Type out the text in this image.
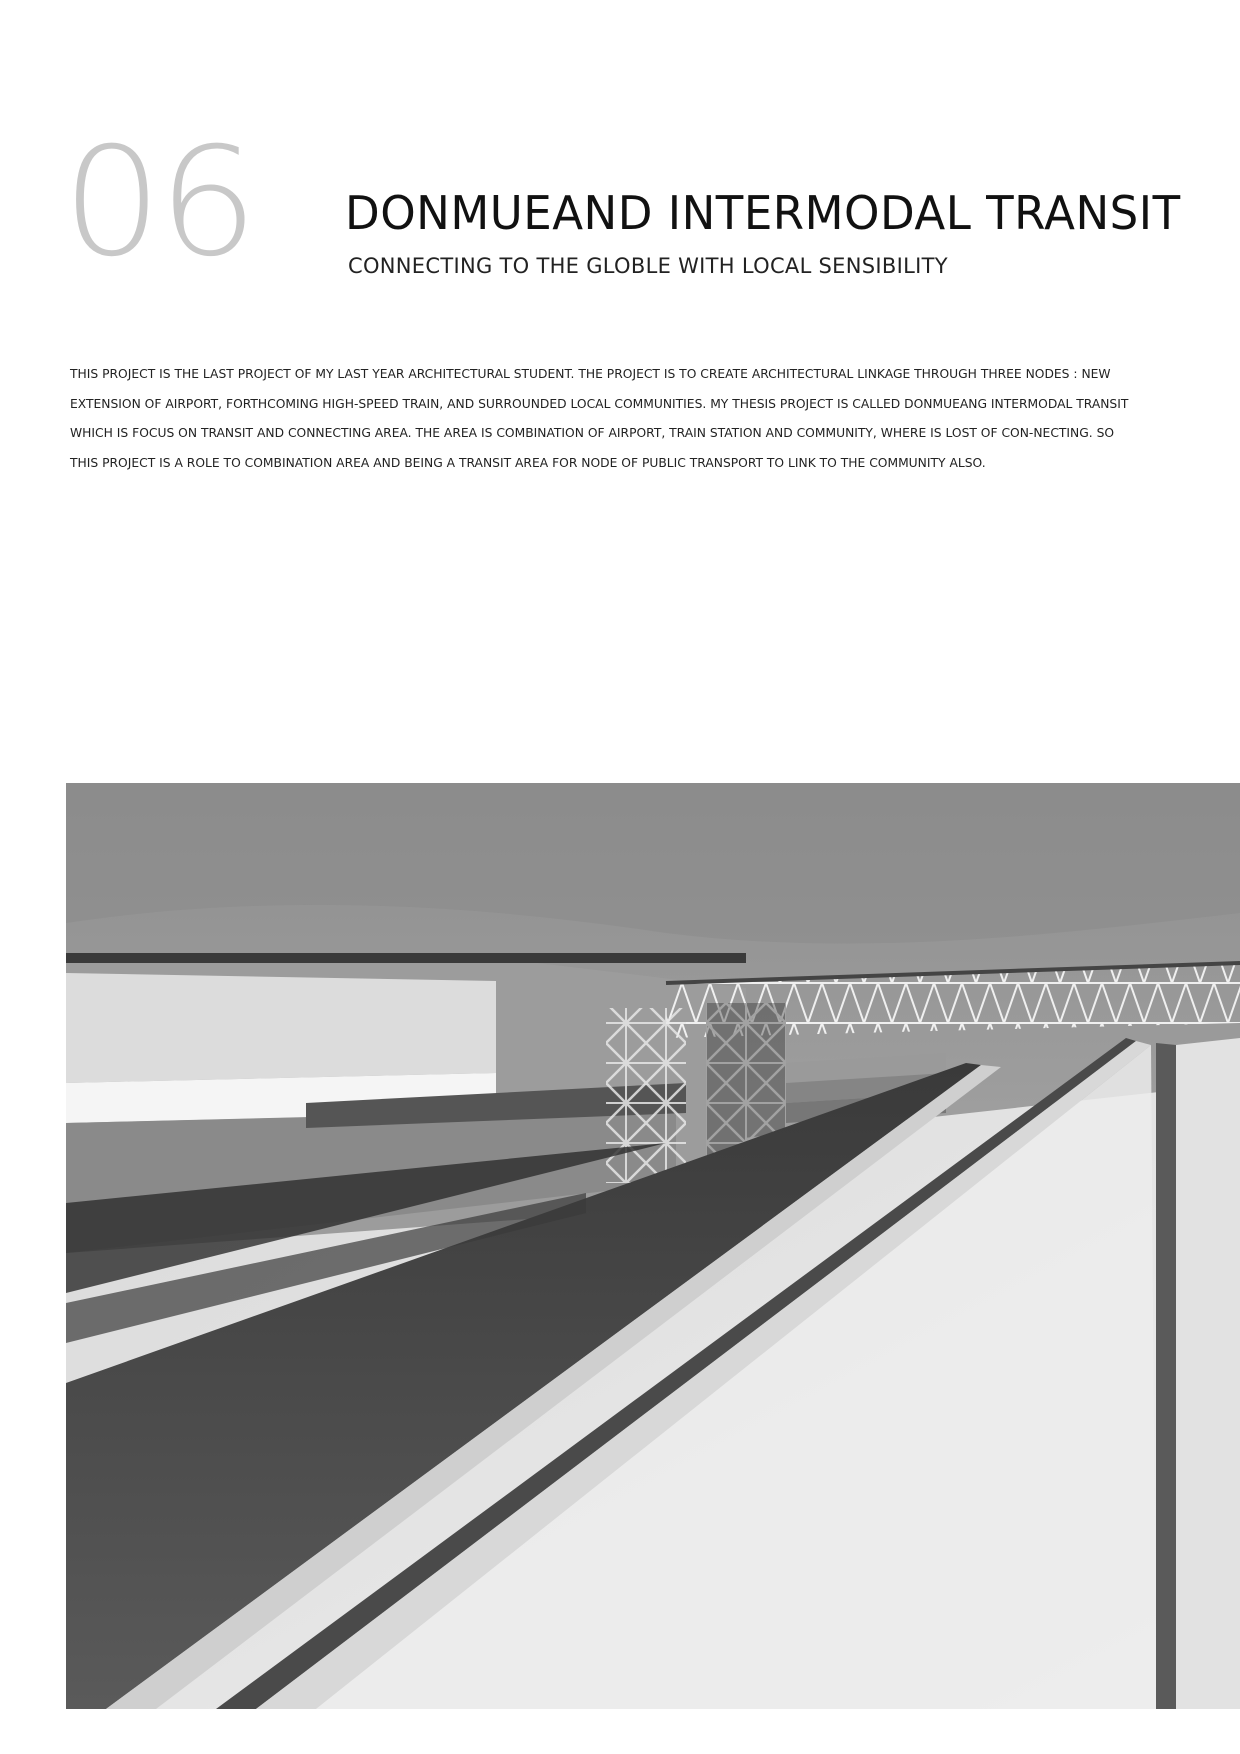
06 DONMUEAND INTERMODAL TRANSIT
CONNECTING TO THE GLOBLE WITH LOCAL SENSIBILITY
THIS PROJECT IS THE LAST PROJECT OF MY LAST YEAR ARCHITECTURAL STUDENT. THE PROJECT IS TO CREATE ARCHITECTURAL LINKAGE THROUGH THREE NODES : NEW EXTENSION OF AIRPORT, FORTHCOMING HIGH-SPEED TRAIN, AND SURROUNDED LOCAL COMMUNITIES. MY THESIS PROJECT IS CALLED DONMUEANG INTERMODAL TRANSIT WHICH IS FOCUS ON TRANSIT AND CONNECTING AREA. THE AREA IS COMBINATION OF AIRPORT, TRAIN STATION AND COMMUNITY, WHERE IS LOST OF CON-NECTING. SO THIS PROJECT IS A ROLE TO COMBINATION AREA AND BEING A TRANSIT AREA FOR NODE OF PUBLIC TRANSPORT TO LINK TO THE COMMUNITY ALSO.
